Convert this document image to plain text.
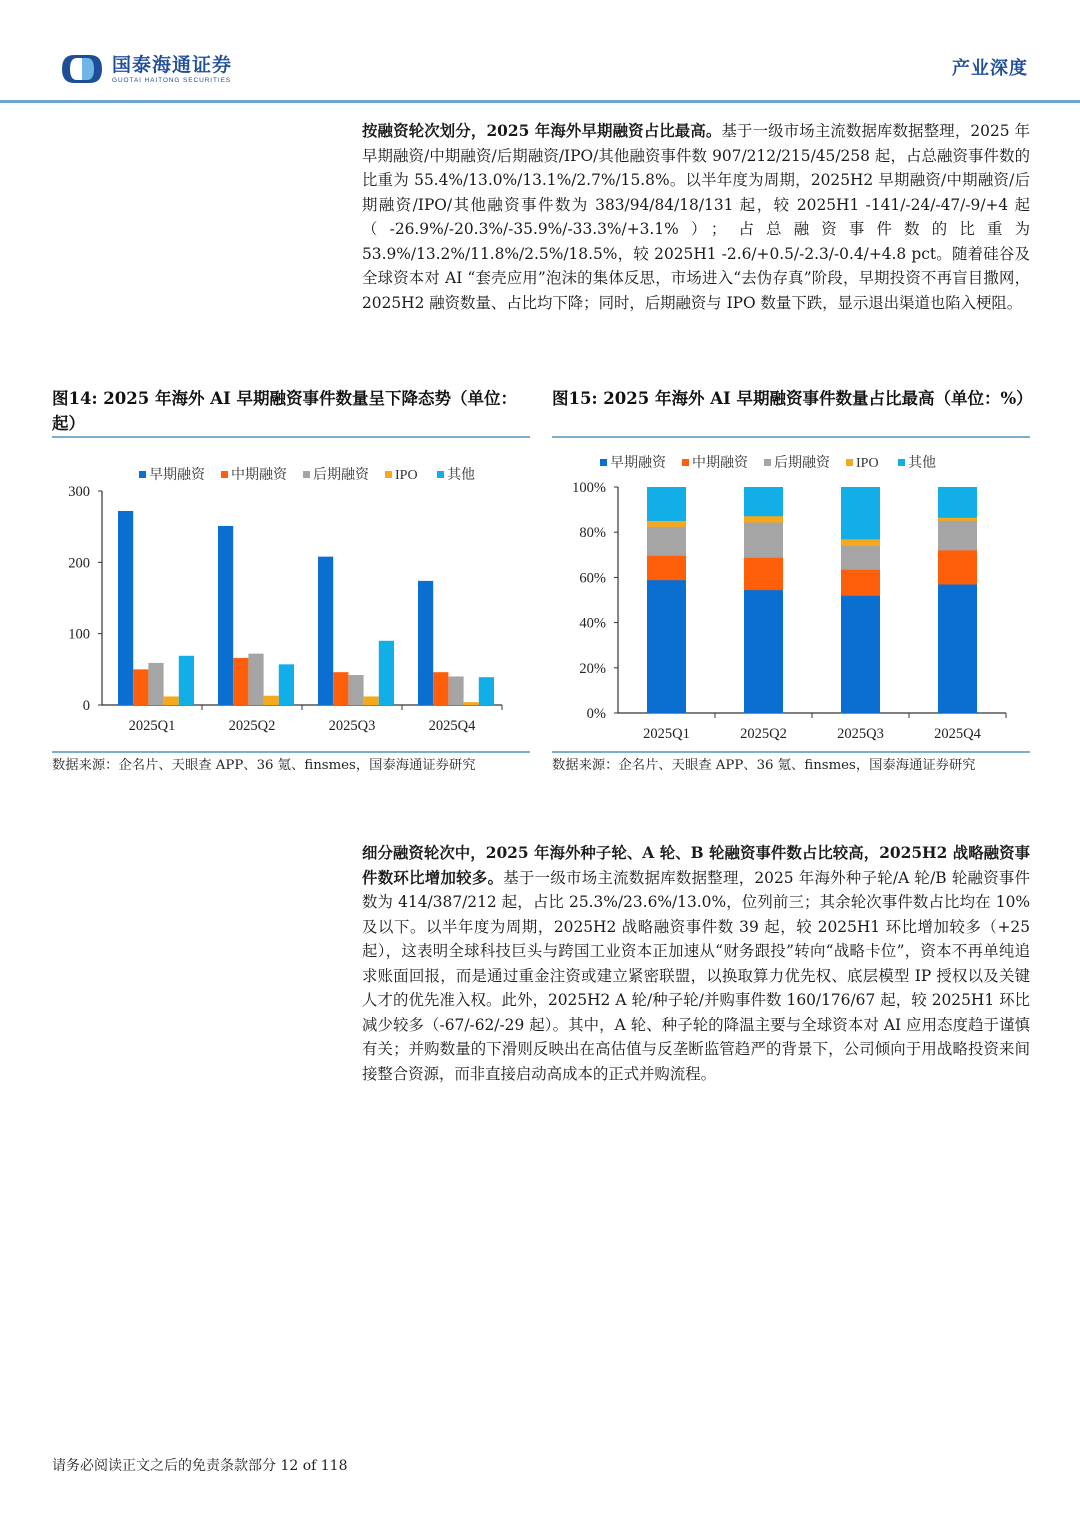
国泰海通证券
GUOTAI HAITONG SECURITIES
产业深度
按融资轮次划分，2025 年海外早期融资占比最高。基于一级市场主流数据库数据整理，2025 年早期融资/中期融资/后期融资/IPO/其他融资事件数 907/212/215/45/258 起，占总融资事件数的比重为 55.4%/13.0%/13.1%/2.7%/15.8%。以半年度为周期，2025H2 早期融资/中期融资/后期融资/IPO/其他融资事件数为 383/94/84/18/131 起，较 2025H1 -141/-24/-47/-9/+4 起（-26.9%/-20.3%/-35.9%/-33.3%/+3.1%）；占总融资事件数的比重为 53.9%/13.2%/11.8%/2.5%/18.5%，较 2025H1 -2.6/+0.5/-2.3/-0.4/+4.8 pct。随着硅谷及全球资本对 AI “套壳应用”泡沫的集体反思，市场进入“去伪存真”阶段，早期投资不再盲目撒网，2025H2 融资数量、占比均下降；同时，后期融资与 IPO 数量下跌，显示退出渠道也陷入梗阻。
图14: 2025 年海外 AI 早期融资事件数量呈下降态势（单位：起）
早期融资 中期融资 后期融资 IPO 其他
0
100
200
300
2025Q1	2025Q2	2025Q3	2025Q4
数据来源：企名片、天眼查 APP、36 氪、finsmes，国泰海通证券研究
图15: 2025 年海外 AI 早期融资事件数量占比最高（单位：%）
早期融资 中期融资 后期融资 IPO 其他
0%
20%
40%
60%
80%
100%
2025Q1	2025Q2	2025Q3	2025Q4
数据来源：企名片、天眼查 APP、36 氪、finsmes，国泰海通证券研究
细分融资轮次中，2025 年海外种子轮、A 轮、B 轮融资事件数占比较高，2025H2 战略融资事件数环比增加较多。基于一级市场主流数据库数据整理，2025 年海外种子轮/A 轮/B 轮融资事件数为 414/387/212 起，占比 25.3%/23.6%/13.0%，位列前三；其余轮次事件数占比均在 10%及以下。以半年度为周期，2025H2 战略融资事件数 39 起，较 2025H1 环比增加较多（+25 起），这表明全球科技巨头与跨国工业资本正加速从“财务跟投”转向“战略卡位”，资本不再单纯追求账面回报，而是通过重金注资或建立紧密联盟，以换取算力优先权、底层模型 IP 授权以及关键人才的优先准入权。此外，2025H2 A 轮/种子轮/并购事件数 160/176/67 起，较 2025H1 环比减少较多（-67/-62/-29 起）。其中，A 轮、种子轮的降温主要与全球资本对 AI 应用态度趋于谨慎有关；并购数量的下滑则反映出在高估值与反垄断监管趋严的背景下，公司倾向于用战略投资来间接整合资源，而非直接启动高成本的正式并购流程。
请务必阅读正文之后的免责条款部分 12 of 118
